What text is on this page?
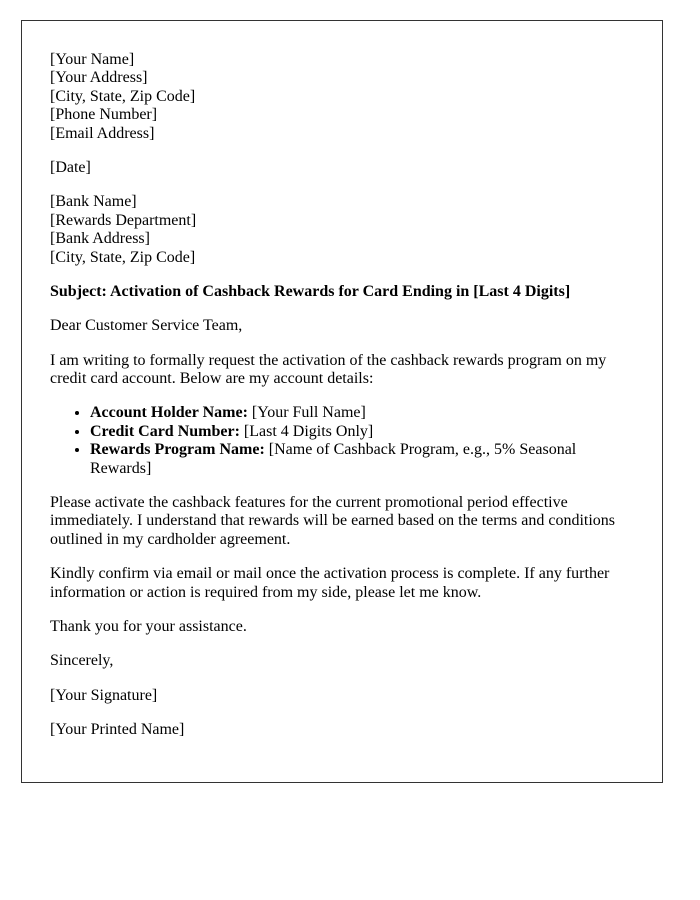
[Your Name]
[Your Address]
[City, State, Zip Code]
[Phone Number]
[Email Address]

[Date]

[Bank Name]
[Rewards Department]
[Bank Address]
[City, State, Zip Code]

Subject: Activation of Cashback Rewards for Card Ending in [Last 4 Digits]

Dear Customer Service Team,

I am writing to formally request the activation of the cashback rewards program on my credit card account. Below are my account details:

• Account Holder Name: [Your Full Name]
• Credit Card Number: [Last 4 Digits Only]
• Rewards Program Name: [Name of Cashback Program, e.g., 5% Seasonal Rewards]

Please activate the cashback features for the current promotional period effective immediately. I understand that rewards will be earned based on the terms and conditions outlined in my cardholder agreement.

Kindly confirm via email or mail once the activation process is complete. If any further information or action is required from my side, please let me know.

Thank you for your assistance.

Sincerely,

[Your Signature]

[Your Printed Name]
